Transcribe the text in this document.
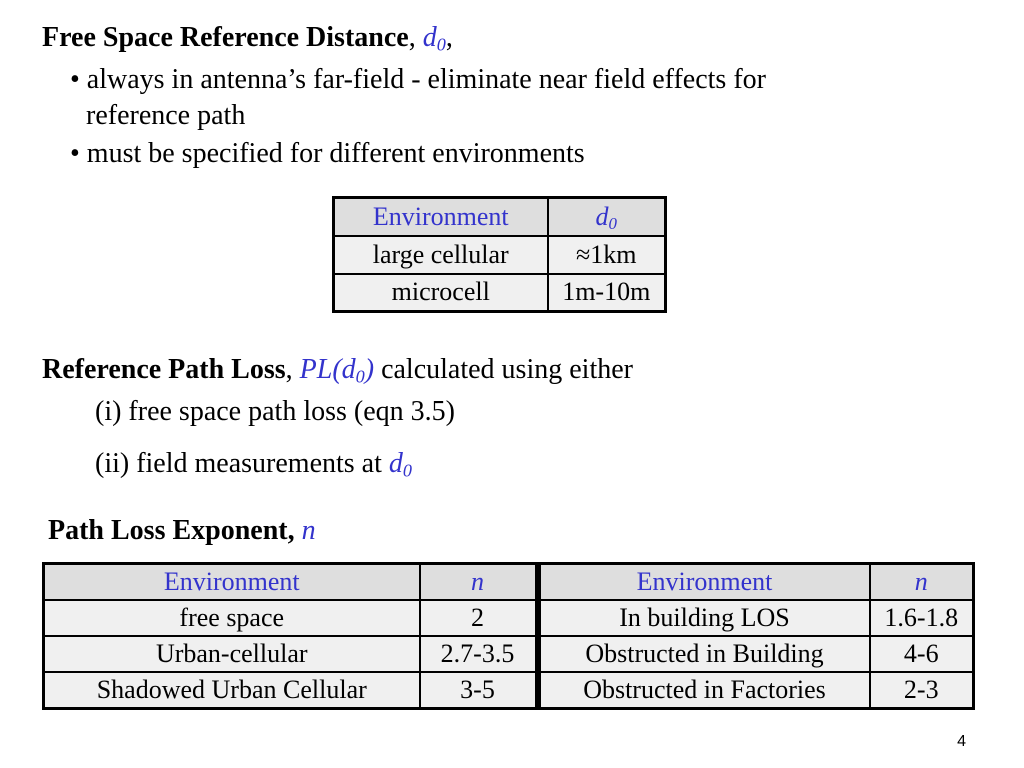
Free Space Reference Distance, $d_0$,
• always in antenna’s far-field - eliminate near field effects for
reference path
• must be specified for different environments
Environment	$d_0$
large cellular	≈1km
microcell	1m-10m
Reference Path Loss, $PL(d_0)$ calculated using either
(i) free space path loss (eqn 3.5)
(ii) field measurements at $d_0$
Path Loss Exponent, n
Environment	n	Environment	n
free space	2	In building LOS	1.6-1.8
Urban-cellular	2.7-3.5	Obstructed in Building	4-6
Shadowed Urban Cellular	3-5	Obstructed in Factories	2-3
4
